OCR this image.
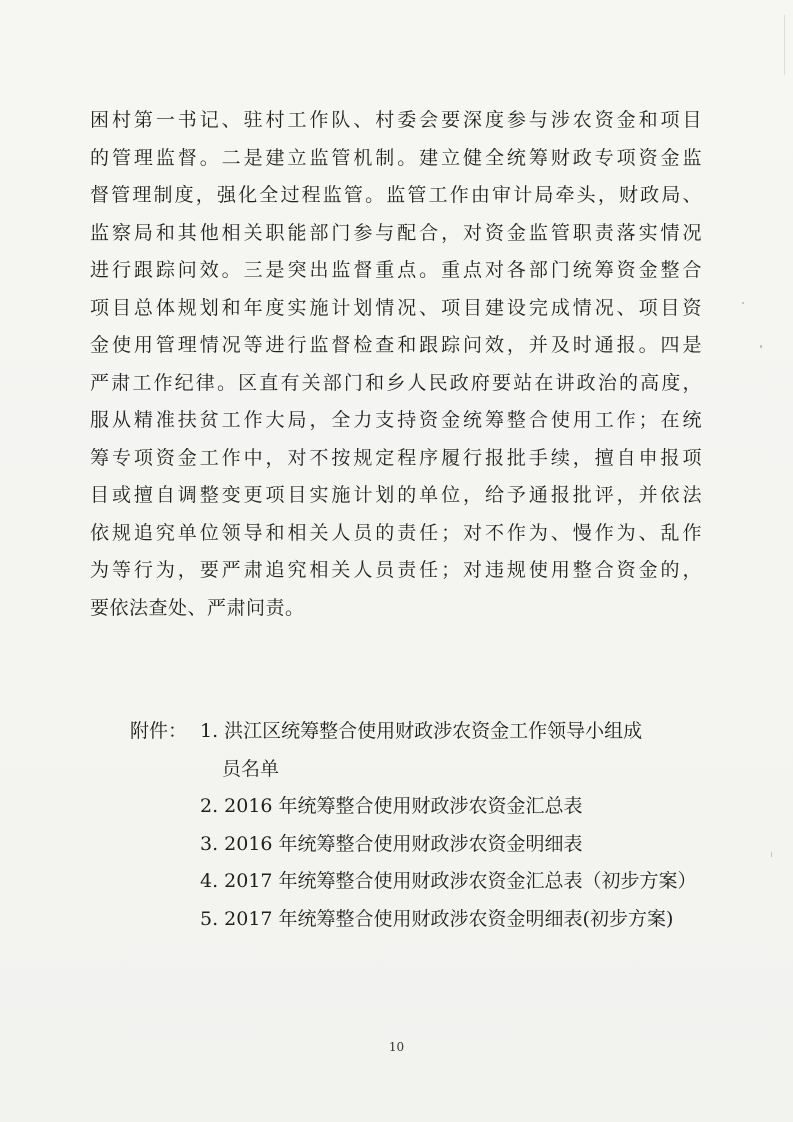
困村第一书记、驻村工作队、村委会要深度参与涉农资金和项目
的管理监督。二是建立监管机制。建立健全统筹财政专项资金监
督管理制度，强化全过程监管。监管工作由审计局牵头，财政局、
监察局和其他相关职能部门参与配合，对资金监管职责落实情况
进行跟踪问效。三是突出监督重点。重点对各部门统筹资金整合
项目总体规划和年度实施计划情况、项目建设完成情况、项目资
金使用管理情况等进行监督检查和跟踪问效，并及时通报。四是
严肃工作纪律。区直有关部门和乡人民政府要站在讲政治的高度，
服从精准扶贫工作大局，全力支持资金统筹整合使用工作；在统
筹专项资金工作中，对不按规定程序履行报批手续，擅自申报项
目或擅自调整变更项目实施计划的单位，给予通报批评，并依法
依规追究单位领导和相关人员的责任；对不作为、慢作为、乱作
为等行为，要严肃追究相关人员责任；对违规使用整合资金的，
要依法查处、严肃问责。
附件： 1. 洪江区统筹整合使用财政涉农资金工作领导小组成
员名单
2. 2016 年统筹整合使用财政涉农资金汇总表
3. 2016 年统筹整合使用财政涉农资金明细表
4. 2017 年统筹整合使用财政涉农资金汇总表（初步方案）
5. 2017 年统筹整合使用财政涉农资金明细表(初步方案)
10
